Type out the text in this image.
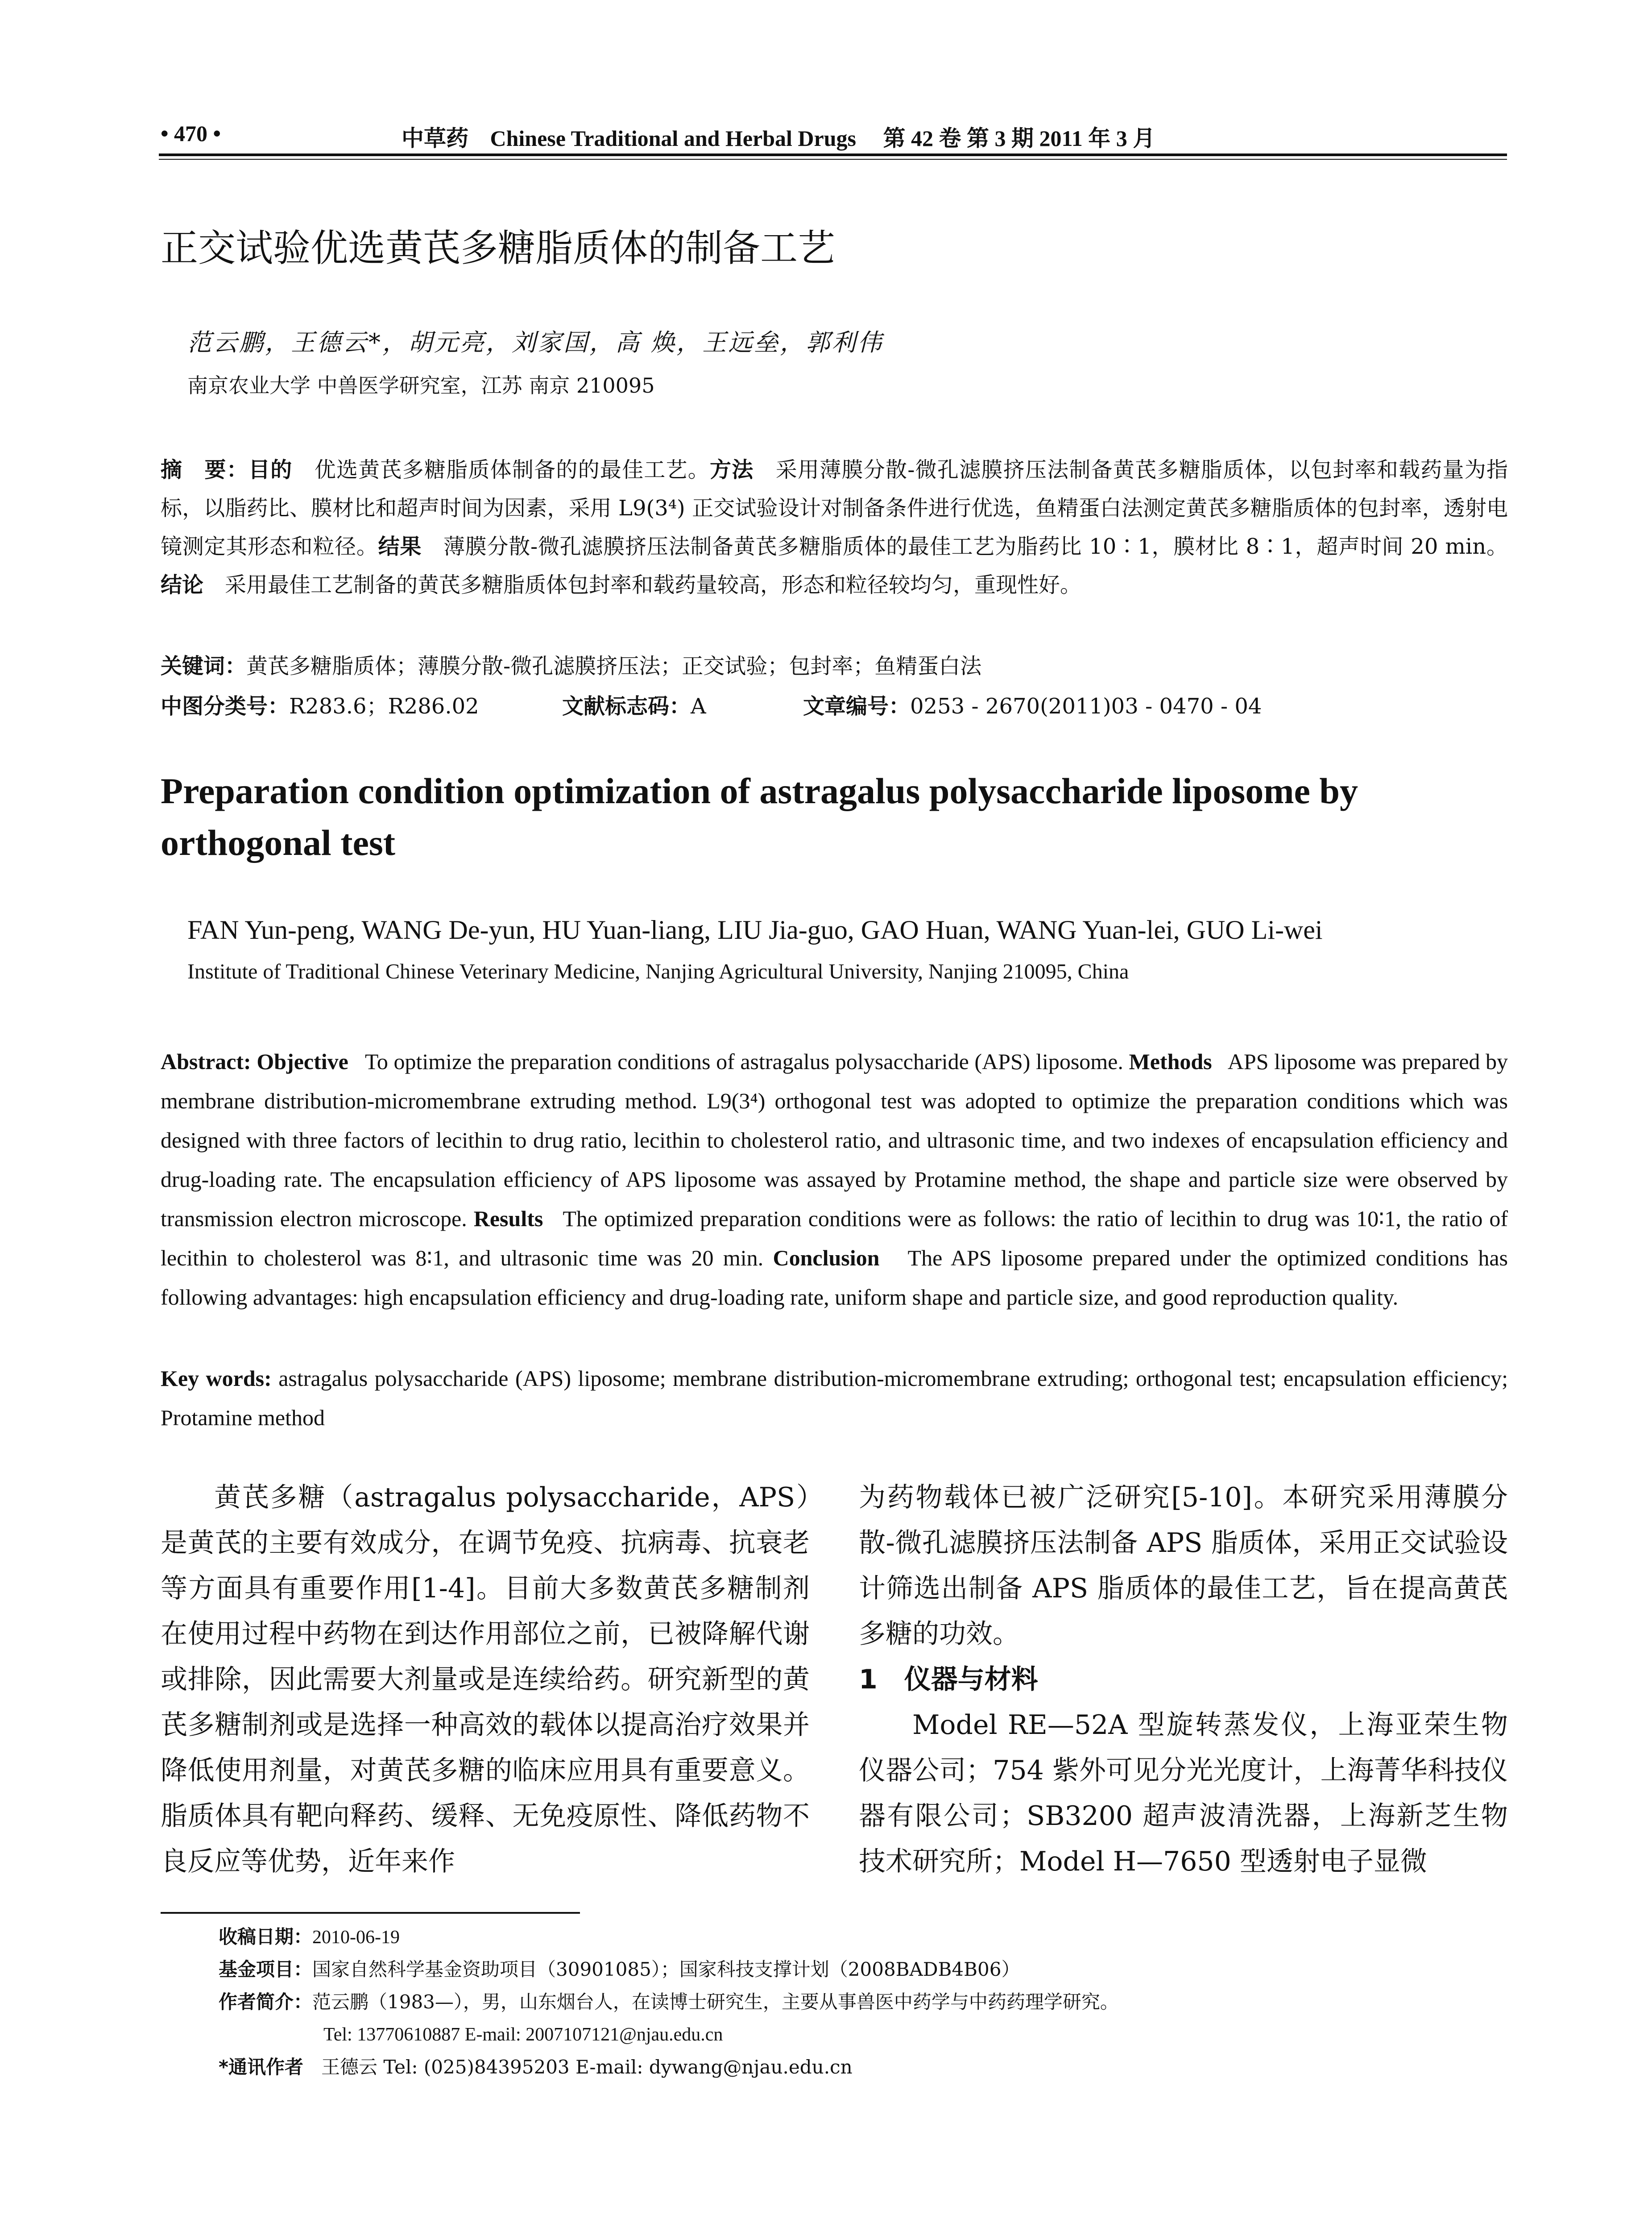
• 470 •	中草药 Chinese Traditional and Herbal Drugs 第 42 卷 第 3 期 2011 年 3 月
正交试验优选黄芪多糖脂质体的制备工艺
范云鹏，王德云*，胡元亮，刘家国，高 焕，王远垒，郭利伟
南京农业大学 中兽医学研究室，江苏 南京 210095
摘　要：目的　 优选黄芪多糖脂质体制备的的最佳工艺。方法　 采用薄膜分散-微孔滤膜挤压法制备黄芪多糖脂质体，以包封率和载药量为指标，以脂药比、膜材比和超声时间为因素，采用 L9(3⁴) 正交试验设计对制备条件进行优选，鱼精蛋白法测定黄芪多糖脂质体的包封率，透射电镜测定其形态和粒径。结果　 薄膜分散-微孔滤膜挤压法制备黄芪多糖脂质体的最佳工艺为脂药比 10∶1，膜材比 8∶1，超声时间 20 min。结论　 采用最佳工艺制备的黄芪多糖脂质体包封率和载药量较高，形态和粒径较均匀，重现性好。
关键词：黄芪多糖脂质体；薄膜分散-微孔滤膜挤压法；正交试验；包封率；鱼精蛋白法
中图分类号：R283.6；R286.02	文献标志码：A	文章编号：0253 - 2670(2011)03 - 0470 - 04
Preparation condition optimization of astragalus polysaccharide liposome by orthogonal test
FAN Yun-peng, WANG De-yun, HU Yuan-liang, LIU Jia-guo, GAO Huan, WANG Yuan-lei, GUO Li-wei
Institute of Traditional Chinese Veterinary Medicine, Nanjing Agricultural University, Nanjing 210095, China
Abstract: Objective To optimize the preparation conditions of astragalus polysaccharide (APS) liposome. Methods APS liposome was prepared by membrane distribution-micromembrane extruding method. L9(3⁴) orthogonal test was adopted to optimize the preparation conditions which was designed with three factors of lecithin to drug ratio, lecithin to cholesterol ratio, and ultrasonic time, and two indexes of encapsulation efficiency and drug-loading rate. The encapsulation efficiency of APS liposome was assayed by Protamine method, the shape and particle size were observed by transmission electron microscope. Results The optimized preparation conditions were as follows: the ratio of lecithin to drug was 10∶1, the ratio of lecithin to cholesterol was 8∶1, and ultrasonic time was 20 min. Conclusion The APS liposome prepared under the optimized conditions has following advantages: high encapsulation efficiency and drug-loading rate, uniform shape and particle size, and good reproduction quality.
Key words: astragalus polysaccharide (APS) liposome; membrane distribution-micromembrane extruding; orthogonal test; encapsulation efficiency; Protamine method
黄芪多糖（astragalus polysaccharide，APS）是黄芪的主要有效成分，在调节免疫、抗病毒、抗衰老等方面具有重要作用[1-4]。目前大多数黄芪多糖制剂在使用过程中药物在到达作用部位之前，已被降解代谢或排除，因此需要大剂量或是连续给药。研究新型的黄芪多糖制剂或是选择一种高效的载体以提高治疗效果并降低使用剂量，对黄芪多糖的临床应用具有重要意义。脂质体具有靶向释药、缓释、无免疫原性、降低药物不良反应等优势，近年来作

为药物载体已被广泛研究[5-10]。本研究采用薄膜分散-微孔滤膜挤压法制备 APS 脂质体，采用正交试验设计筛选出制备 APS 脂质体的最佳工艺，旨在提高黄芪多糖的功效。

1　仪器与材料

Model RE—52A 型旋转蒸发仪，上海亚荣生物仪器公司；754 紫外可见分光光度计，上海菁华科技仪器有限公司；SB3200 超声波清洗器，上海新芝生物技术研究所；Model H—7650 型透射电子显微

收稿日期：2010-06-19
基金项目：国家自然科学基金资助项目（30901085）；国家科技支撑计划（2008BADB4B06）
作者简介：范云鹏（1983—），男，山东烟台人，在读博士研究生，主要从事兽医中药学与中药药理学研究。
Tel: 13770610887 E-mail: 2007107121@njau.edu.cn
*通讯作者 王德云 Tel: (025)84395203 E-mail: dywang@njau.edu.cn
